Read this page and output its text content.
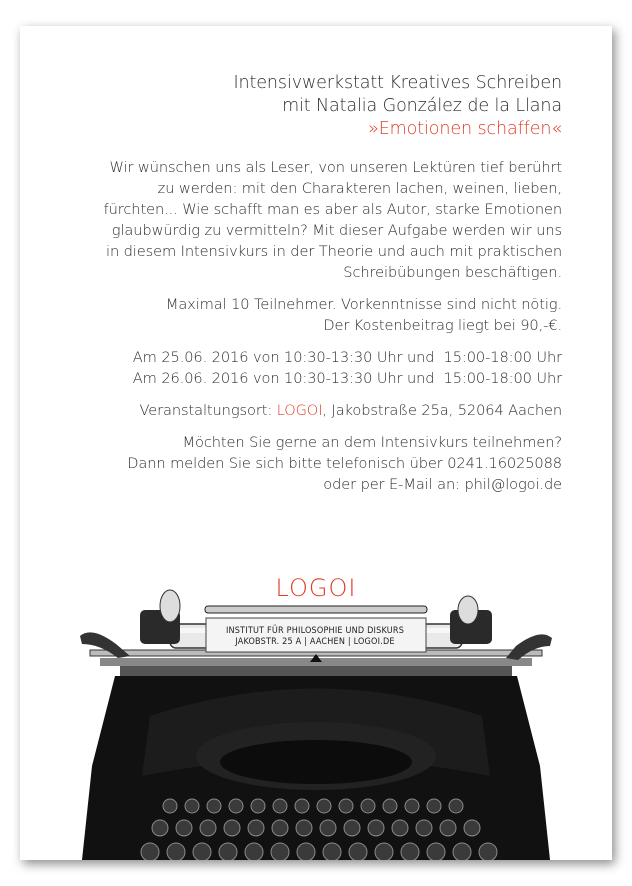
Intensivwerkstatt Kreatives Schreiben
mit Natalia González de la Llana
»Emotionen schaffen«

Wir wünschen uns als Leser, von unseren Lektüren tief berührt
zu werden: mit den Charakteren lachen, weinen, lieben,
fürchten... Wie schafft man es aber als Autor, starke Emotionen
glaubwürdig zu vermitteln? Mit dieser Aufgabe werden wir uns
in diesem Intensivkurs in der Theorie und auch mit praktischen
Schreibübungen beschäftigen.

Maximal 10 Teilnehmer. Vorkenntnisse sind nicht nötig.
Der Kostenbeitrag liegt bei 90,-€.

Am 25.06. 2016 von 10:30-13:30 Uhr und  15:00-18:00 Uhr
Am 26.06. 2016 von 10:30-13:30 Uhr und  15:00-18:00 Uhr

Veranstaltungsort: LOGOI, Jakobstraße 25a, 52064 Aachen

Möchten Sie gerne an dem Intensivkurs teilnehmen?
Dann melden Sie sich bitte telefonisch über 0241.16025088
oder per E-Mail an: phil@logoi.de

LOGOI
INSTITUT FÜR PHILOSOPHIE UND DISKURS
JAKOBSTR. 25 A | AACHEN | LOGOI.DE
